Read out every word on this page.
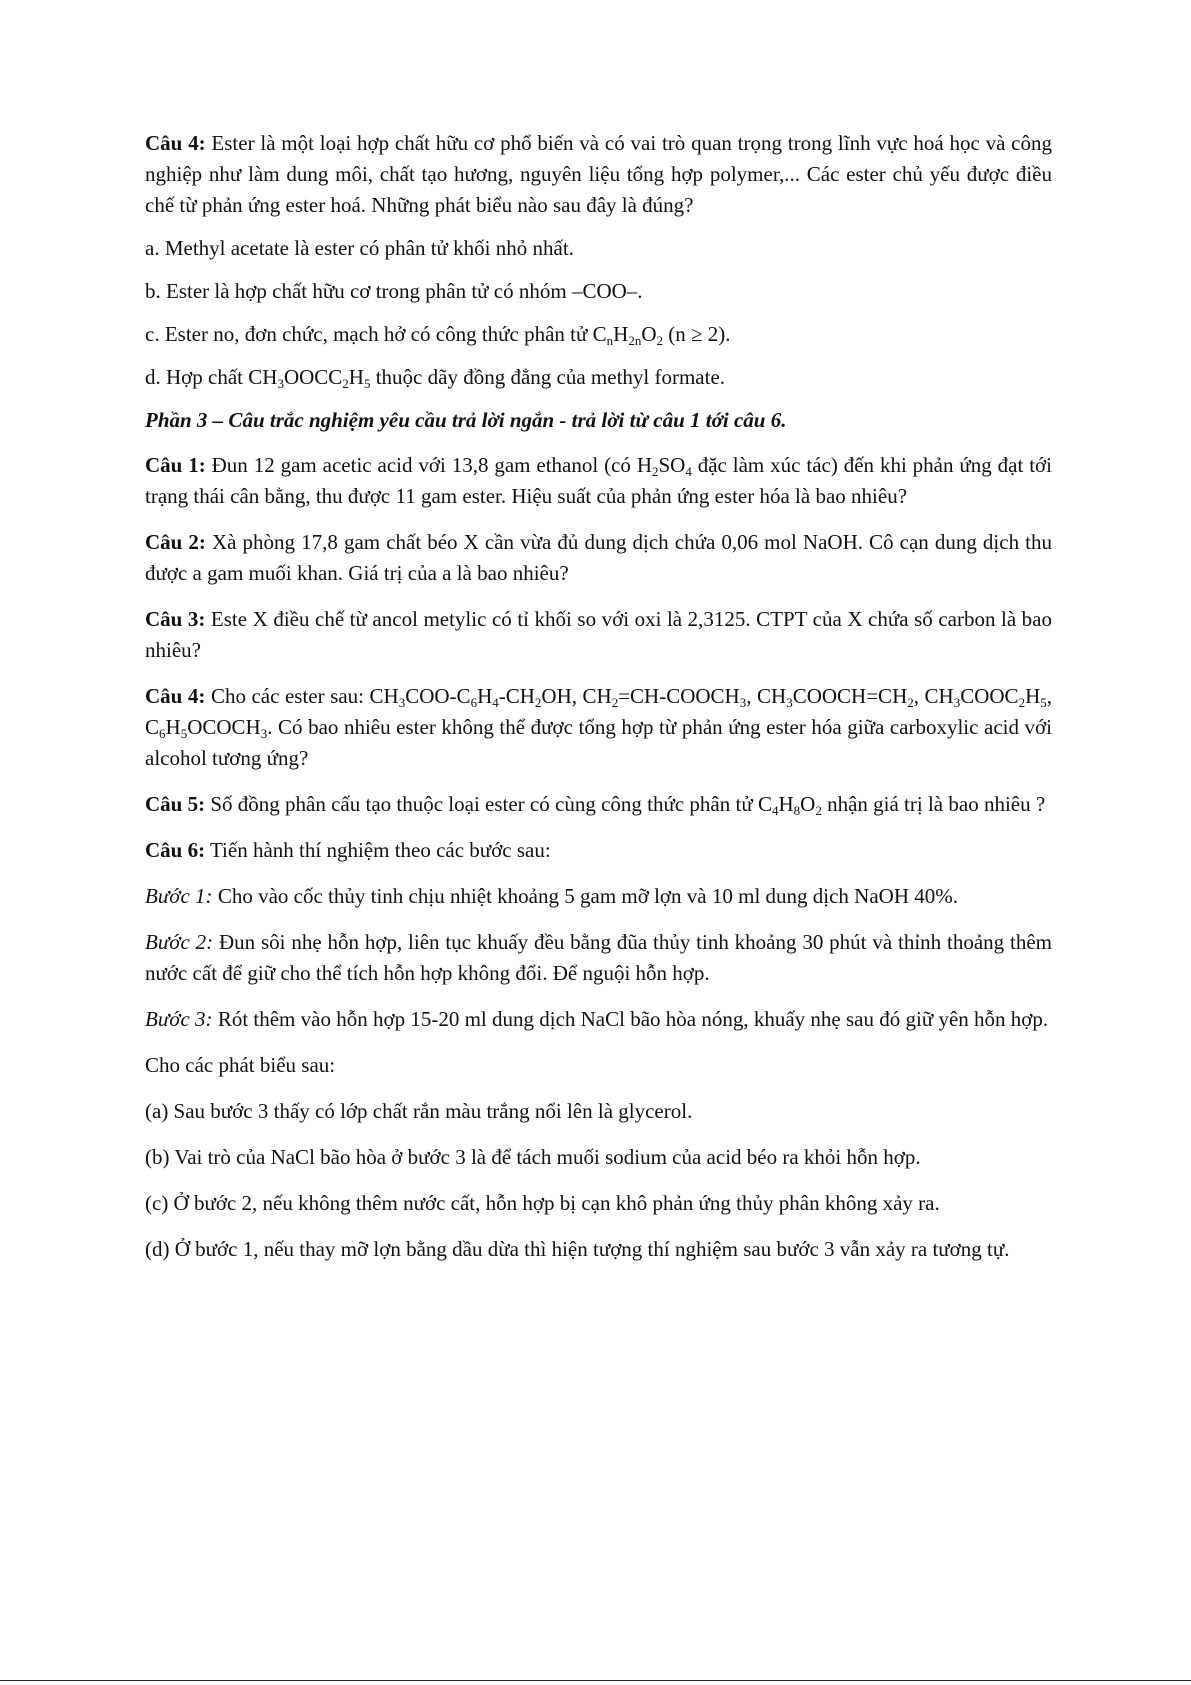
Câu 4: Ester là một loại hợp chất hữu cơ phổ biến và có vai trò quan trọng trong lĩnh vực hoá học và công nghiệp như làm dung môi, chất tạo hương, nguyên liệu tổng hợp polymer,... Các ester chủ yếu được điều chế từ phản ứng ester hoá. Những phát biểu nào sau đây là đúng?

a. Methyl acetate là ester có phân tử khối nhỏ nhất.

b. Ester là hợp chất hữu cơ trong phân tử có nhóm –COO–.

c. Ester no, đơn chức, mạch hở có công thức phân tử $C_nH_{2n}O_2$ (n ≥ 2).

d. Hợp chất $CH_3OOCC_2H_5$ thuộc dãy đồng đẳng của methyl formate.

Phần 3 – Câu trắc nghiệm yêu cầu trả lời ngắn - trả lời từ câu 1 tới câu 6.

Câu 1: Đun 12 gam acetic acid với 13,8 gam ethanol (có $H_2SO_4$ đặc làm xúc tác) đến khi phản ứng đạt tới trạng thái cân bằng, thu được 11 gam ester. Hiệu suất của phản ứng ester hóa là bao nhiêu?

Câu 2: Xà phòng 17,8 gam chất béo X cần vừa đủ dung dịch chứa 0,06 mol NaOH. Cô cạn dung dịch thu được a gam muối khan. Giá trị của a là bao nhiêu?

Câu 3: Este X điều chế từ ancol metylic có tỉ khối so với oxi là 2,3125. CTPT của X chứa số carbon là bao nhiêu?

Câu 4: Cho các ester sau: $CH_3COO-C_6H_4-CH_2OH$, $CH_2=CH-COOCH_3$, $CH_3COOCH=CH_2$, $CH_3COOC_2H_5$, $C_6H_5OCOCH_3$. Có bao nhiêu ester không thể được tổng hợp từ phản ứng ester hóa giữa carboxylic acid với alcohol tương ứng?

Câu 5: Số đồng phân cấu tạo thuộc loại ester có cùng công thức phân tử $C_4H_8O_2$ nhận giá trị là bao nhiêu ?

Câu 6: Tiến hành thí nghiệm theo các bước sau:

Bước 1: Cho vào cốc thủy tinh chịu nhiệt khoảng 5 gam mỡ lợn và 10 ml dung dịch NaOH 40%.

Bước 2: Đun sôi nhẹ hỗn hợp, liên tục khuấy đều bằng đũa thủy tinh khoảng 30 phút và thỉnh thoảng thêm nước cất để giữ cho thể tích hỗn hợp không đổi. Để nguội hỗn hợp.

Bước 3: Rót thêm vào hỗn hợp 15-20 ml dung dịch NaCl bão hòa nóng, khuấy nhẹ sau đó giữ yên hỗn hợp.

Cho các phát biểu sau:

(a) Sau bước 3 thấy có lớp chất rắn màu trắng nổi lên là glycerol.

(b) Vai trò của NaCl bão hòa ở bước 3 là để tách muối sodium của acid béo ra khỏi hỗn hợp.

(c) Ở bước 2, nếu không thêm nước cất, hỗn hợp bị cạn khô phản ứng thủy phân không xảy ra.

(d) Ở bước 1, nếu thay mỡ lợn bằng dầu dừa thì hiện tượng thí nghiệm sau bước 3 vẫn xảy ra tương tự.
